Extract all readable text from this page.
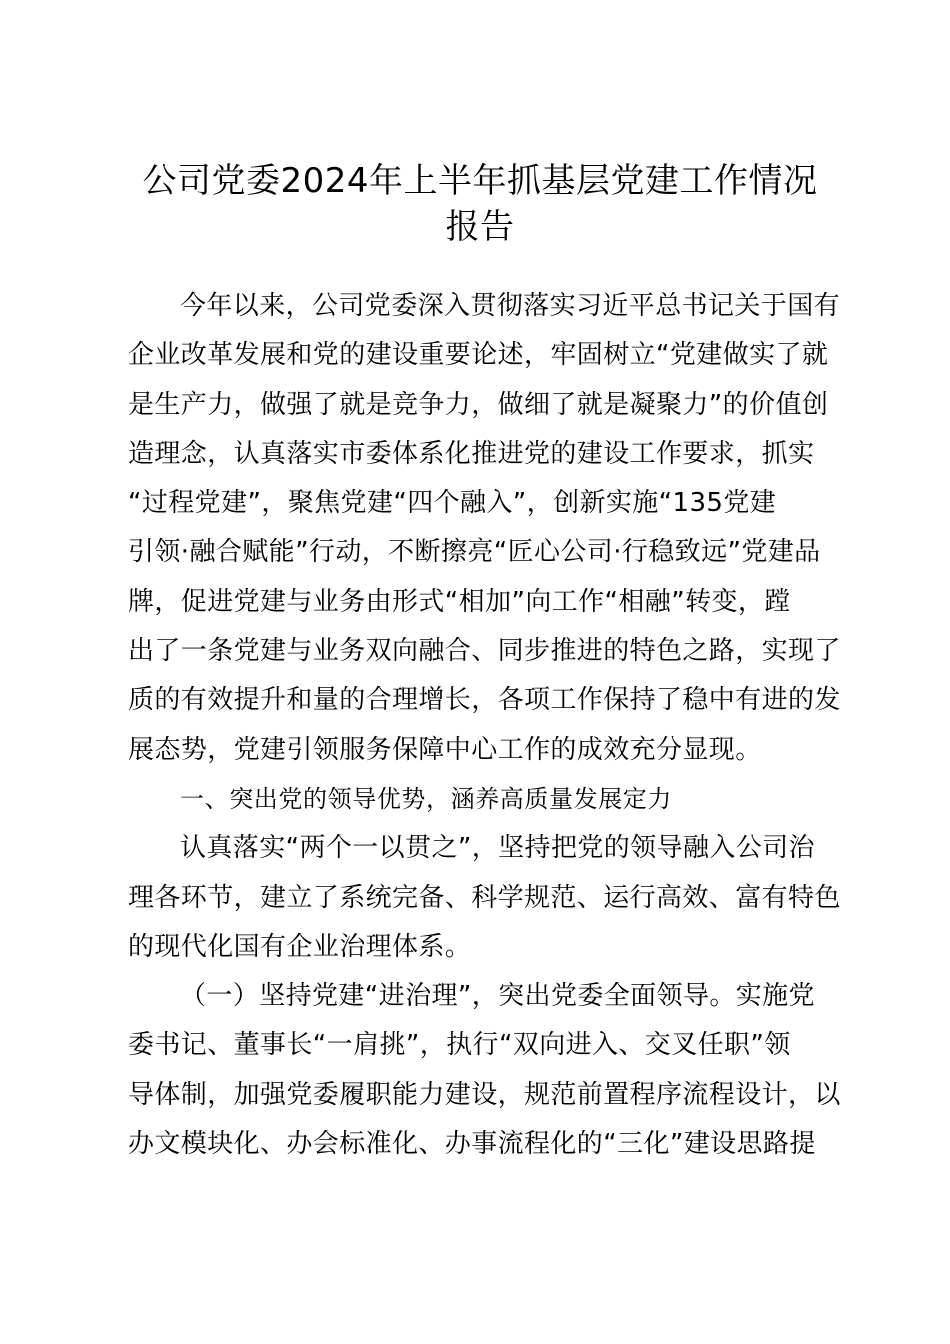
公司党委2024年上半年抓基层党建工作情况
报告
今年以来，公司党委深入贯彻落实习近平总书记关于国有
企业改革发展和党的建设重要论述，牢固树立“党建做实了就
是生产力，做强了就是竞争力，做细了就是凝聚力”的价值创
造理念，认真落实市委体系化推进党的建设工作要求，抓实
“过程党建”，聚焦党建“四个融入”，创新实施“135党建
引领·融合赋能”行动，不断擦亮“匠心公司·行稳致远”党建品
牌，促进党建与业务由形式“相加”向工作“相融”转变，蹚
出了一条党建与业务双向融合、同步推进的特色之路，实现了
质的有效提升和量的合理增长，各项工作保持了稳中有进的发
展态势，党建引领服务保障中心工作的成效充分显现。
一、突出党的领导优势，涵养高质量发展定力
认真落实“两个一以贯之”，坚持把党的领导融入公司治
理各环节，建立了系统完备、科学规范、运行高效、富有特色
的现代化国有企业治理体系。
（一）坚持党建“进治理”，突出党委全面领导。实施党
委书记、董事长“一肩挑”，执行“双向进入、交叉任职”领
导体制，加强党委履职能力建设，规范前置程序流程设计，以
办文模块化、办会标准化、办事流程化的“三化”建设思路提
